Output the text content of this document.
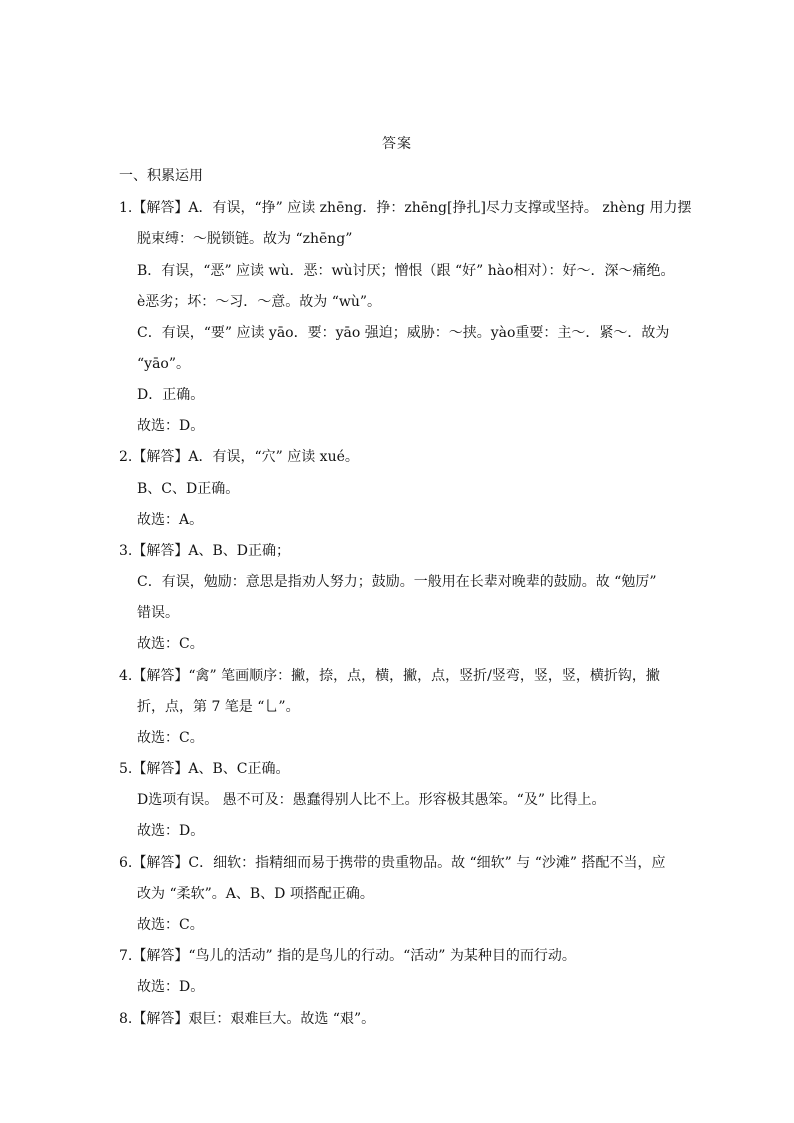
答案
一、积累运用
1.【解答】A．有误，“挣” 应读 zhēng．挣：zhēng[挣扎]尽力支撑或坚持。 zhèng 用力摆
脱束缚：～脱锁链。故为 “zhēng”
B．有误，“恶” 应读 wù．恶：wù讨厌；憎恨（跟 “好” hào相对）：好～．深～痛绝。
è恶劣；坏：～习．～意。故为 “wù”。
C．有误，“要” 应读 yāo．要：yāo 强迫；威胁：～挟。yào重要：主～．紧～．故为
“yāo”。
D．正确。
故选：D。
2.【解答】A．有误，“穴” 应读 xué。
B、C、D正确。
故选：A。
3.【解答】A、B、D正确；
C．有误，勉励：意思是指劝人努力；鼓励。一般用在长辈对晚辈的鼓励。故 “勉厉”
错误。
故选：C。
4.【解答】“禽” 笔画顺序：撇，捺，点，横，撇，点，竖折/竖弯，竖，竖，横折钩，撇
折，点，第 7 笔是 “乚”。
故选：C。
5.【解答】A、B、C正确。
D选项有误。 愚不可及：愚蠢得别人比不上。形容极其愚笨。“及” 比得上。
故选：D。
6.【解答】C．细软：指精细而易于携带的贵重物品。故 “细软” 与 “沙滩” 搭配不当，应
改为 “柔软”。A、B、D 项搭配正确。
故选：C。
7.【解答】“鸟儿的活动” 指的是鸟儿的行动。“活动” 为某种目的而行动。
故选：D。
8.【解答】艰巨：艰难巨大。故选 “艰”。
